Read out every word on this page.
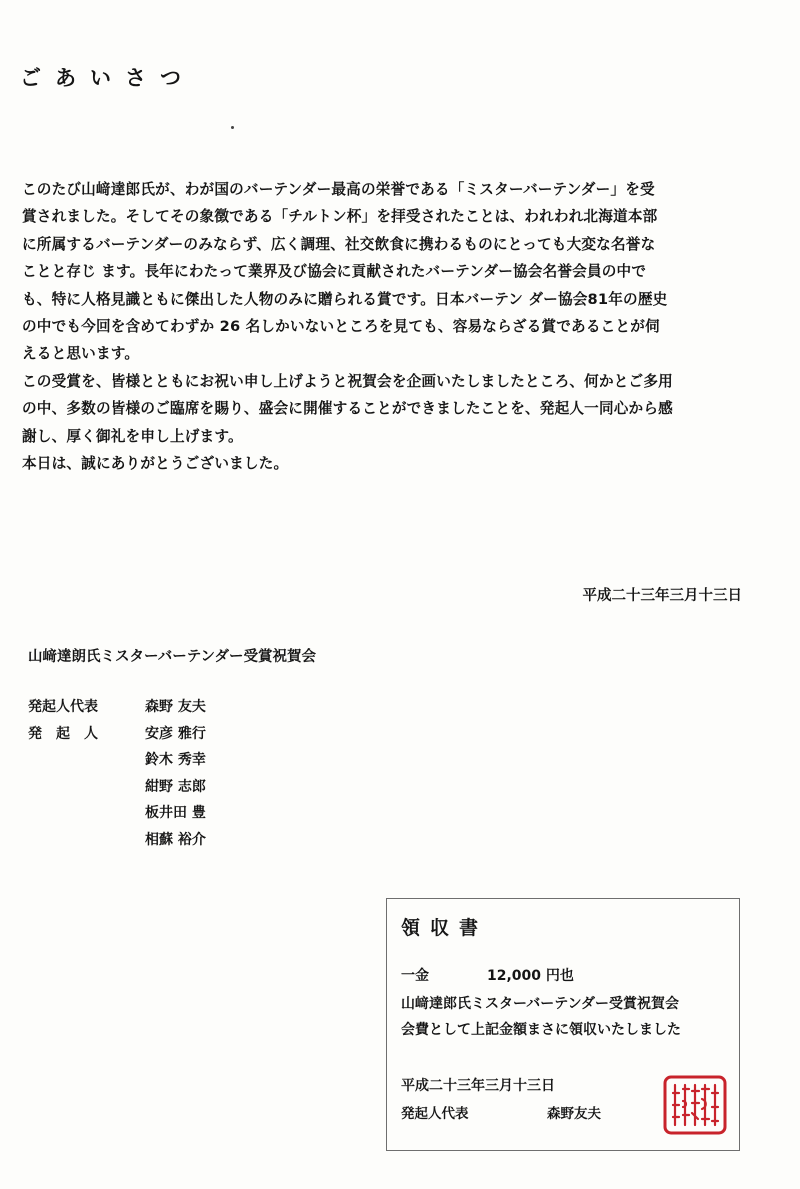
ごあいさつ
このたび山﨑達郎氏が、わが国のバーテンダー最高の栄誉である「ミスターバーテンダー」を受
賞されました。そしてその象徴である「チルトン杯」を拝受されたことは、われわれ北海道本部
に所属するバーテンダーのみならず、広く調理、社交飲食に携わるものにとっても大変な名誉な
ことと存じ ます。長年にわたって業界及び協会に貢献されたバーテンダー協会名誉会員の中で
も、特に人格見識ともに傑出した人物のみに贈られる賞です。日本バーテン ダー協会81年の歴史
の中でも今回を含めてわずか 26 名しかいないところを見ても、容易ならざる賞であることが伺
えると思います。
この受賞を、皆様とともにお祝い申し上げようと祝賀会を企画いたしましたところ、何かとご多用
の中、多数の皆様のご臨席を賜り、盛会に開催することができましたことを、発起人一同心から感
謝し、厚く御礼を申し上げます。
本日は、誠にありがとうございました。
平成二十三年三月十三日
山﨑達朗氏ミスターバーテンダー受賞祝賀会
発起人代表	森野 友夫
発　起　人	安彦 雅行
鈴木 秀幸
紺野 志郎
板井田 豊
相蘇 裕介
領収書
一金	12,000 円也
山﨑達郎氏ミスターバーテンダー受賞祝賀会
会費として上記金額まさに領収いたしました
平成二十三年三月十三日
発起人代表	森野友夫
